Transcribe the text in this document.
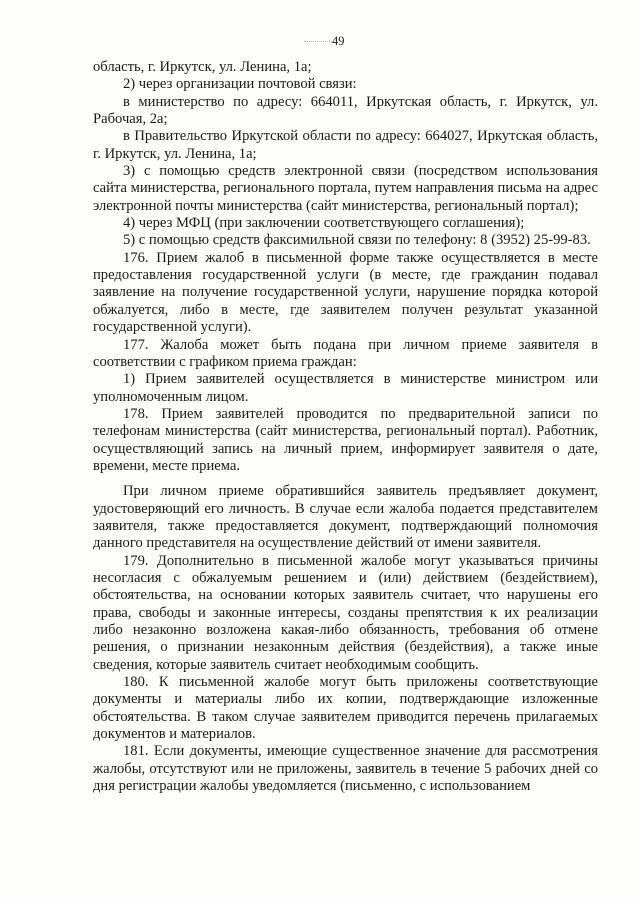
49

область, г. Иркутск, ул. Ленина, 1а;

2) через организации почтовой связи:

в министерство по адресу: 664011, Иркутская область, г. Иркутск, ул. Рабочая, 2а;

в Правительство Иркутской области по адресу: 664027, Иркутская область, г. Иркутск, ул. Ленина, 1а;

3) с помощью средств электронной связи (посредством использования сайта министерства, регионального портала, путем направления письма на адрес электронной почты министерства (сайт министерства, региональный портал);

4) через МФЦ (при заключении соответствующего соглашения);

5) с помощью средств факсимильной связи по телефону: 8 (3952) 25-99-83.

176. Прием жалоб в письменной форме также осуществляется в месте предоставления государственной услуги (в месте, где гражданин подавал заявление на получение государственной услуги, нарушение порядка которой обжалуется, либо в месте, где заявителем получен результат указанной государственной услуги).

177. Жалоба может быть подана при личном приеме заявителя в соответствии с графиком приема граждан:

1) Прием заявителей осуществляется в министерстве министром или уполномоченным лицом.

178. Прием заявителей проводится по предварительной записи по телефонам министерства (сайт министерства, региональный портал). Работник, осуществляющий запись на личный прием, информирует заявителя о дате, времени, месте приема.

При личном приеме обратившийся заявитель предъявляет документ, удостоверяющий его личность. В случае если жалоба подается представителем заявителя, также предоставляется документ, подтверждающий полномочия данного представителя на осуществление действий от имени заявителя.

179. Дополнительно в письменной жалобе могут указываться причины несогласия с обжалуемым решением и (или) действием (бездействием), обстоятельства, на основании которых заявитель считает, что нарушены его права, свободы и законные интересы, созданы препятствия к их реализации либо незаконно возложена какая-либо обязанность, требования об отмене решения, о признании незаконным действия (бездействия), а также иные сведения, которые заявитель считает необходимым сообщить.

180. К письменной жалобе могут быть приложены соответствующие документы и материалы либо их копии, подтверждающие изложенные обстоятельства. В таком случае заявителем приводится перечень прилагаемых документов и материалов.

181. Если документы, имеющие существенное значение для рассмотрения жалобы, отсутствуют или не приложены, заявитель в течение 5 рабочих дней со дня регистрации жалобы уведомляется (письменно, с использованием
